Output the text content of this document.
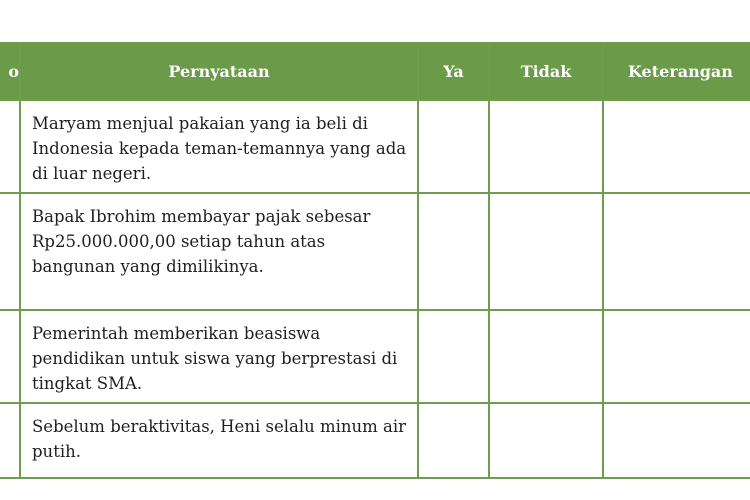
o	Pernyataan	Ya	Tidak	Keterangan
	Maryam menjual pakaian yang ia beli di Indonesia kepada teman-temannya yang ada di luar negeri.			
	Bapak Ibrohim membayar pajak sebesar Rp25.000.000,00 setiap tahun atas bangunan yang dimilikinya.			
	Pemerintah memberikan beasiswa pendidikan untuk siswa yang berprestasi di tingkat SMA.			
	Sebelum beraktivitas, Heni selalu minum air putih.			
